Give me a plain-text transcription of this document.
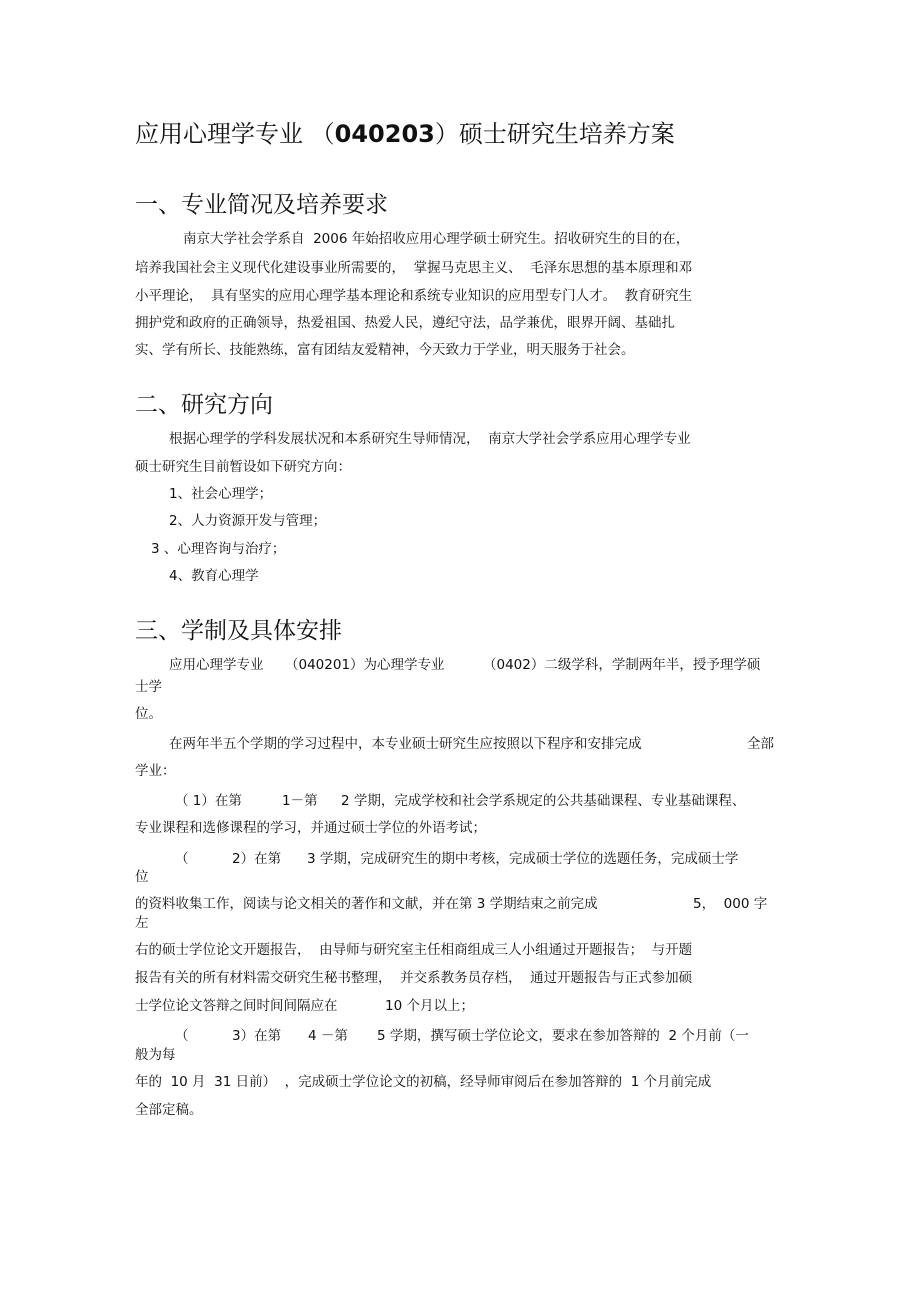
应用心理学专业 （040203）硕士研究生培养方案
一、专业简况及培养要求
南京大学社会学系自  2006 年始招收应用心理学硕士研究生。招收研究生的目的在，
培养我国社会主义现代化建设事业所需要的，  掌握马克思主义、  毛泽东思想的基本原理和邓
小平理论，  具有坚实的应用心理学基本理论和系统专业知识的应用型专门人才。  教育研究生
拥护党和政府的正确领导，热爱祖国、热爱人民，遵纪守法，品学兼优，眼界开阔、基础扎
实、学有所长、技能熟练，富有团结友爱精神，今天致力于学业，明天服务于社会。
二、研究方向
根据心理学的学科发展状况和本系研究生导师情况，  南京大学社会学系应用心理学专业
硕士研究生目前暂设如下研究方向：
1、社会心理学；
2、人力资源开发与管理；
3 、心理咨询与治疗；
4、教育心理学
三、学制及具体安排
应用心理学专业 （040201）为心理学专业	（0402）二级学科，学制两年半，授予理学硕
士学
位。
在两年半五个学期的学习过程中，本专业硕士研究生应按照以下程序和安排完成	全部
学业：
（ 1）在第	1－第 2 学期，完成学校和社会学系规定的公共基础课程、专业基础课程、
专业课程和选修课程的学习，并通过硕士学位的外语考试；
（	2）在第 3 学期，完成研究生的期中考核，完成硕士学位的选题任务，完成硕士学
位
的资料收集工作，阅读与论文相关的著作和文献，并在第 3 学期结束之前完成	5，  000 字
左
右的硕士学位论文开题报告，  由导师与研究室主任相商组成三人小组通过开题报告；  与开题
报告有关的所有材料需交研究生秘书整理，  并交系教务员存档，  通过开题报告与正式参加硕
士学位论文答辩之间时间间隔应在	10 个月以上；
（	3）在第 4 －第 5 学期，撰写硕士学位论文，要求在参加答辩的  2 个月前（一
般为每
年的  10 月  31 日前）  ，完成硕士学位论文的初稿，经导师审阅后在参加答辩的  1 个月前完成
全部定稿。
